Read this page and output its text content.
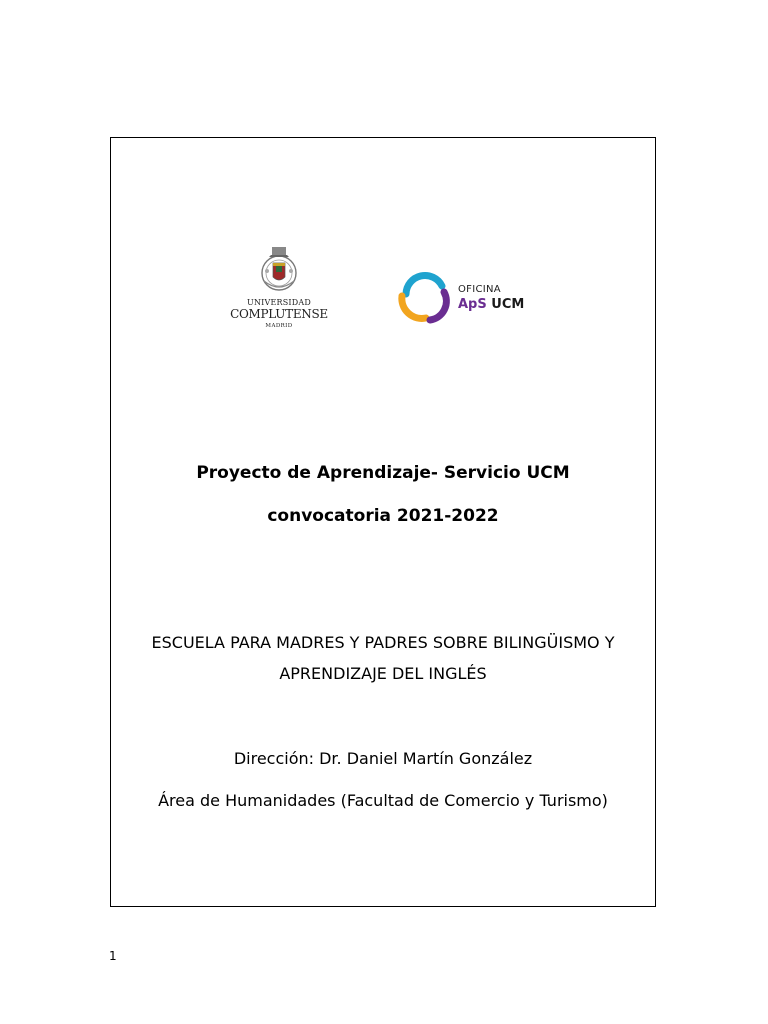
UNIVERSIDAD
COMPLUTENSE
MADRID
OFICINA
ApS UCM
Proyecto de Aprendizaje- Servicio UCM
convocatoria 2021-2022
ESCUELA PARA MADRES Y PADRES SOBRE BILINGÜISMO Y
APRENDIZAJE DEL INGLÉS
Dirección: Dr. Daniel Martín González
Área de Humanidades (Facultad de Comercio y Turismo)
1
